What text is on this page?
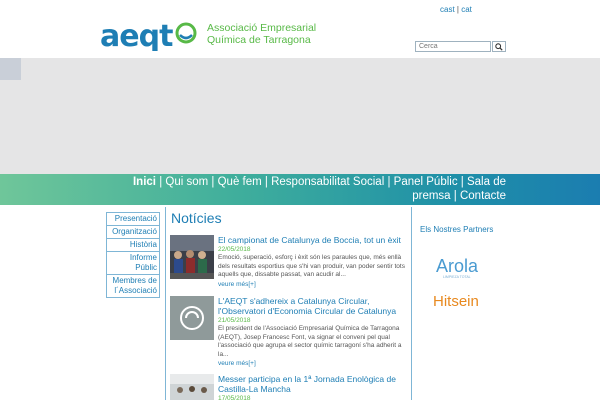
aeqt	Associació Empresarial
Química de Tarragona
cast | cat
Cerca
Inici | Qui som | Què fem | Responsabilitat Social | Panel Públic | Sala de premsa | Contacte
Presentació
Organització
Història
Informe Públic
Membres de l´Associació
Notícies
El campionat de Catalunya de Boccia, tot un èxit
22/05/2018
Emoció, superació, esforç i èxit són les paraules que, més enllà dels resultats esportius que s'hi van produir, van poder sentir tots aquells que, dissabte passat, van acudir al...
veure més[+]
L'AEQT s'adhereix a Catalunya Circular, l'Observatori d'Economia Circular de Catalunya
21/05/2018
El president de l'Associació Empresarial Química de Tarragona (AEQT), Josep Francesc Font, va signar el conveni pel qual l'associació que agrupa el sector químic tarragoní s'ha adherit a la...
veure més[+]
Messer participa en la 1ª Jornada Enològica de Castilla-La Mancha
17/05/2018
Els Nostres Partners
Arola
LIMPIEZA TOTAL
Hitsein
